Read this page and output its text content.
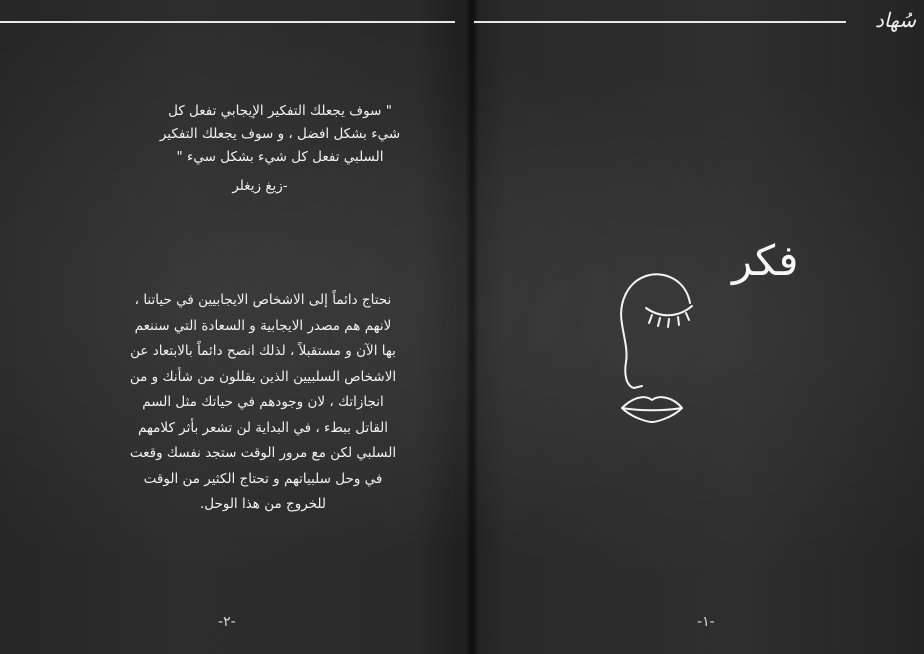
" سوف يجعلك التفكير الإيجابي تفعل كل

شيء بشكل افضل ، و سوف يجعلك التفكير

السلبي تفعل كل شيء بشكل سيء "

-زيغ زيغلر
نحتاج دائماً إلى الاشخاص الايجابيين في حياتنا ،
لانهم هم مصدر الايجابية و السعادة التي سننعم
بها الآن و مستقبلاً ، لذلك انصح دائماً بالابتعاد عن
الاشخاص السلبيين الذين يقللون من شأنك و من
انجازاتك ، لان وجودهم في حياتك مثل السم
القاتل ببطء ، في البداية لن تشعر بأثر كلامهم
السلبي لكن مع مرور الوقت ستجد نفسك وقعت
في وحل سلبياتهم و تحتاج الكثير من الوقت
للخروج من هذا الوحل.
-٢-
سُهاد
فكر
-١-
